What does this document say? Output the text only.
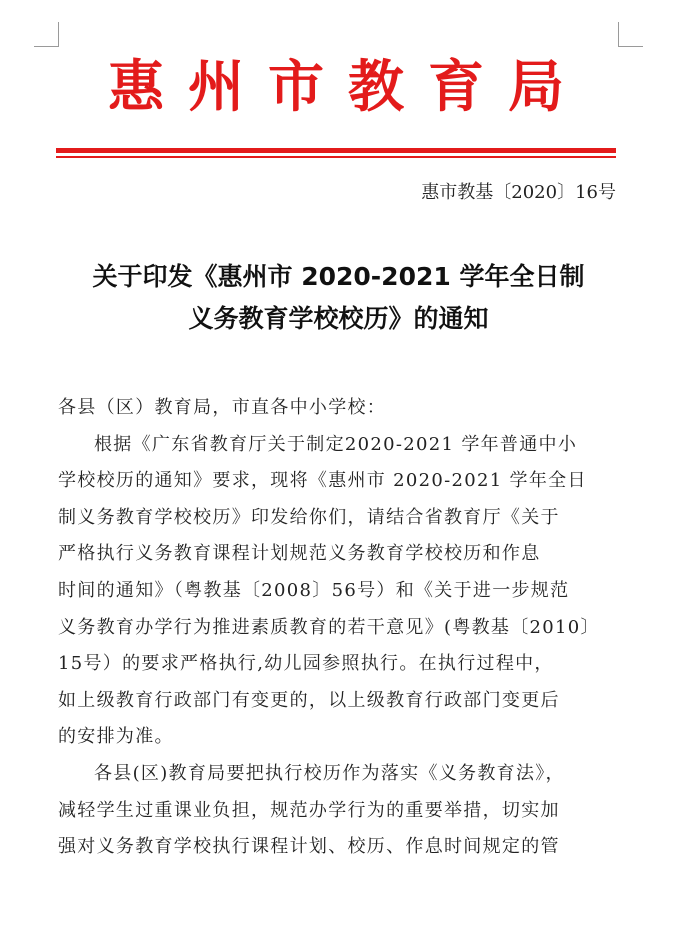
惠州市教育局
惠市教基〔2020〕16号
关于印发《惠州市 2020-2021 学年全日制
义务教育学校校历》的通知
各县（区）教育局，市直各中小学校：
根据《广东省教育厅关于制定2020-2021 学年普通中小
学校校历的通知》要求，现将《惠州市 2020-2021 学年全日
制义务教育学校校历》印发给你们，请结合省教育厅《关于
严格执行义务教育课程计划规范义务教育学校校历和作息
时间的通知》（粤教基〔2008〕56号）和《关于进一步规范
义务教育办学行为推进素质教育的若干意见》(粤教基〔2010〕
15号）的要求严格执行,幼儿园参照执行。在执行过程中，
如上级教育行政部门有变更的，以上级教育行政部门变更后
的安排为准。
各县(区)教育局要把执行校历作为落实《义务教育法》，
减轻学生过重课业负担，规范办学行为的重要举措，切实加
强对义务教育学校执行课程计划、校历、作息时间规定的管
